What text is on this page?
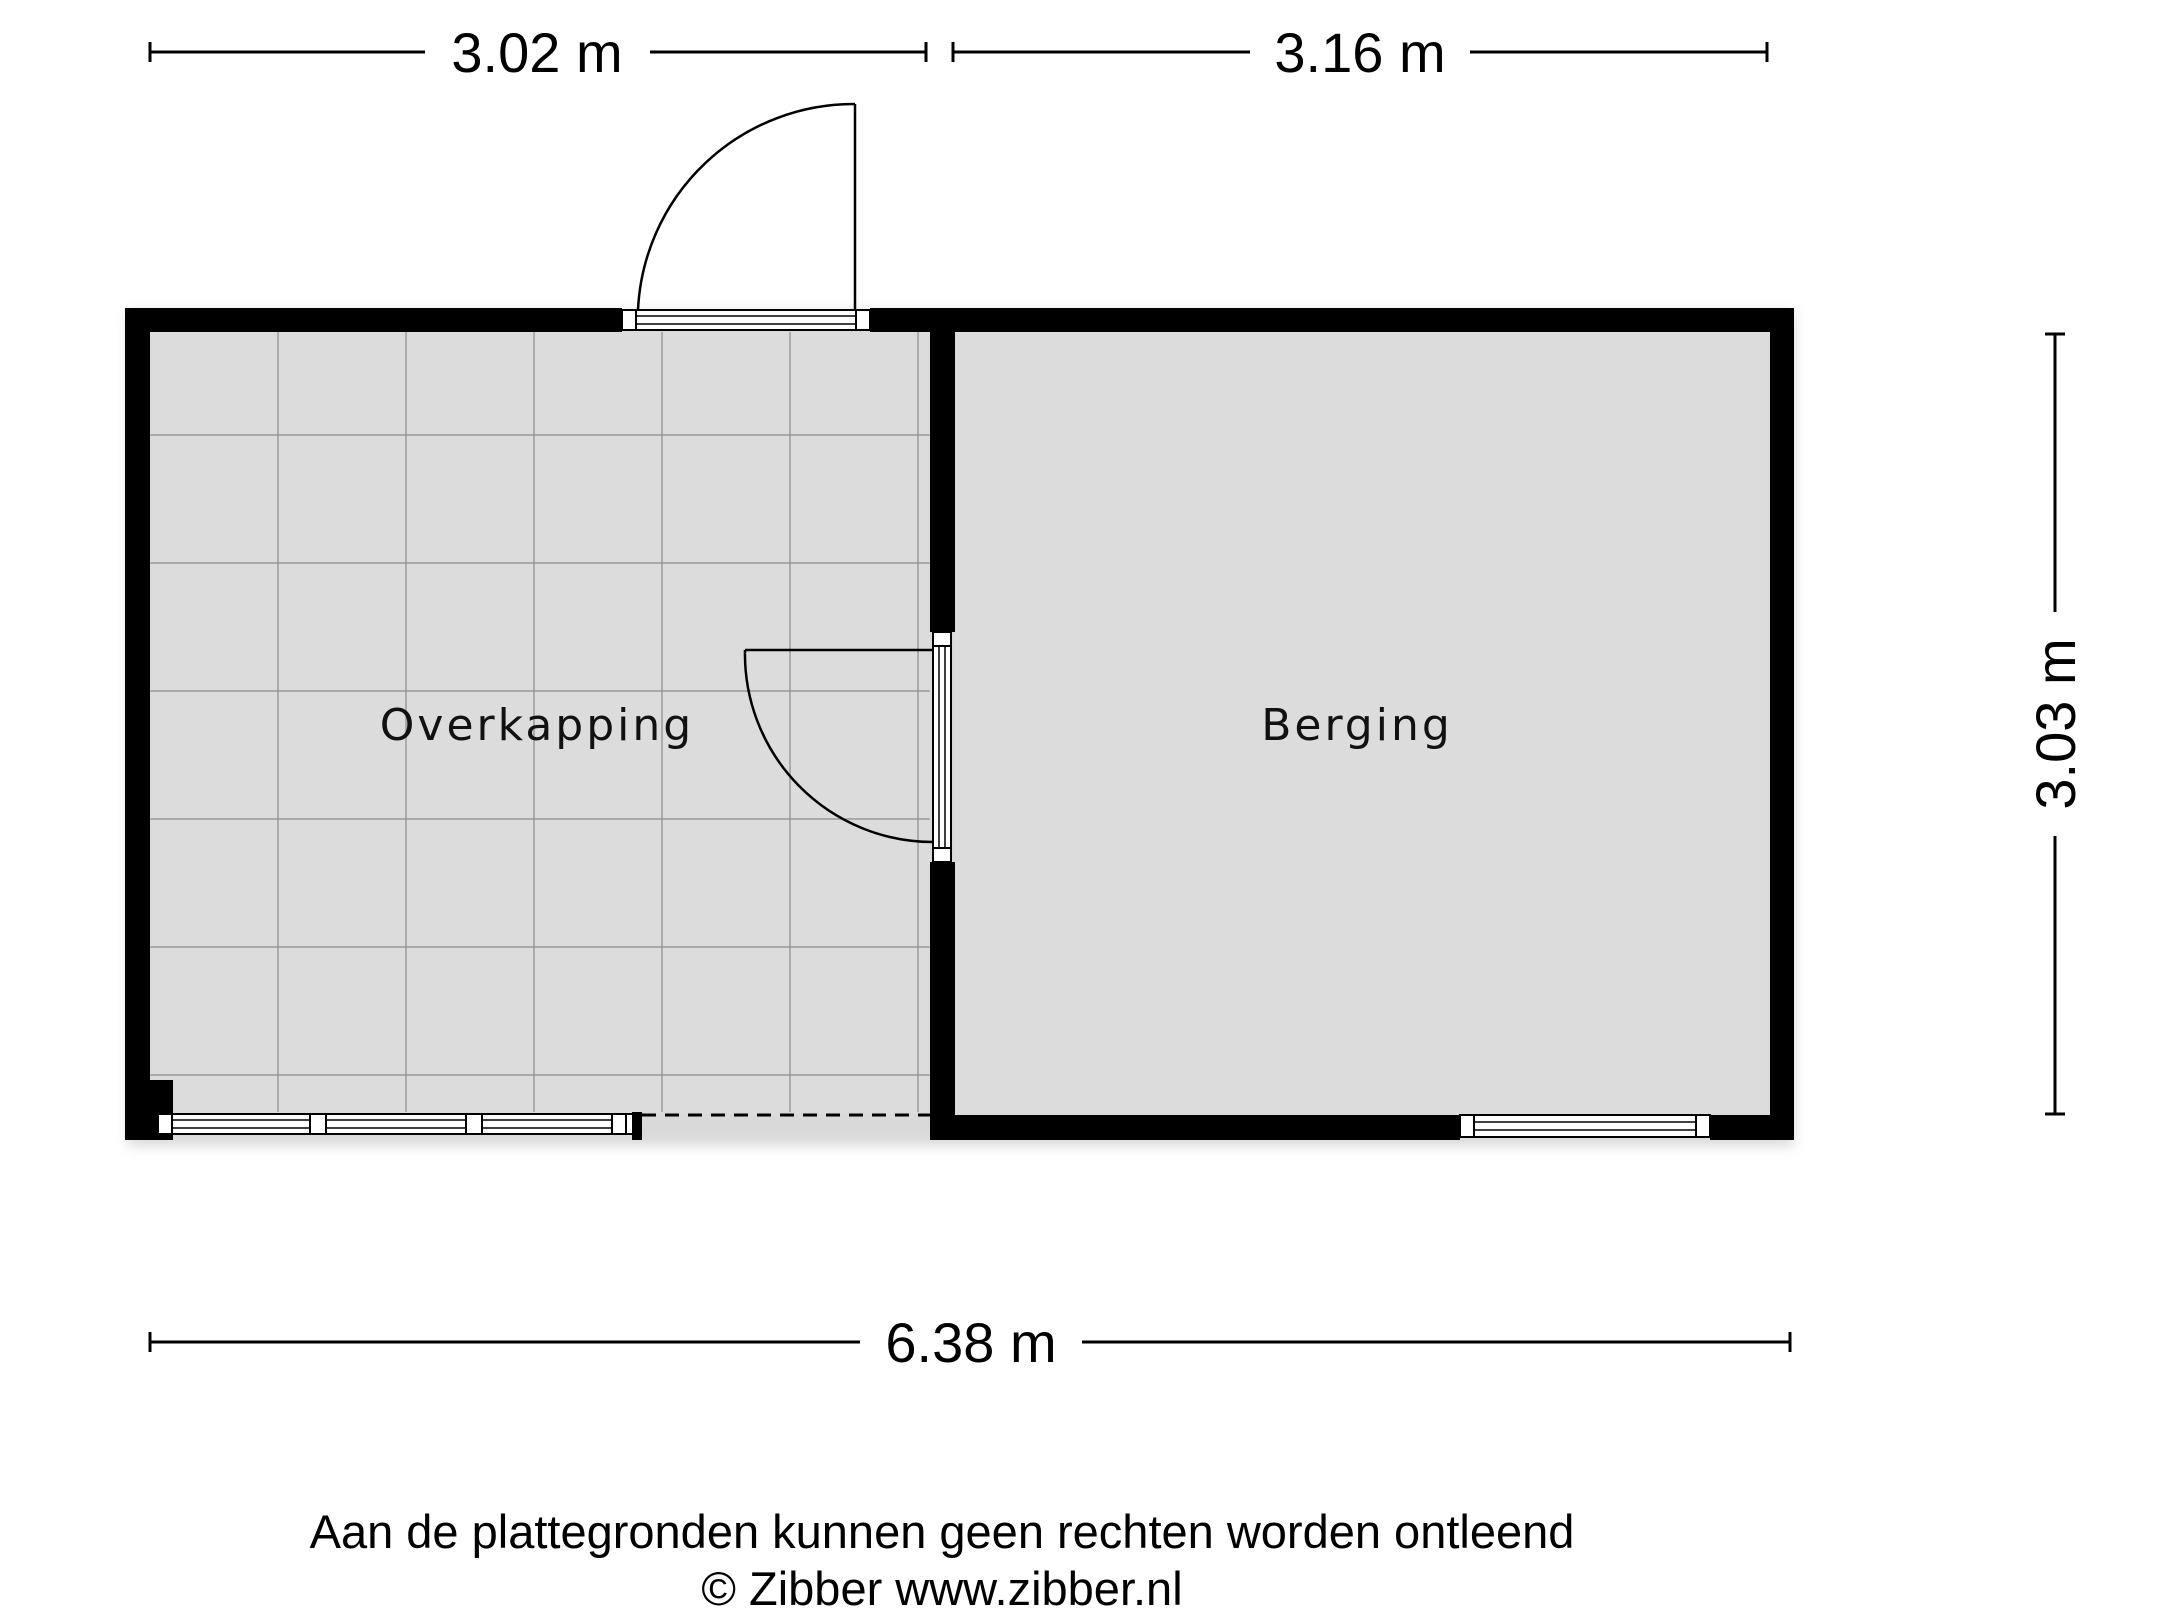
3.02 m	3.16 m
3.03 m
6.38 m
Overkapping	Berging
Aan de plattegronden kunnen geen rechten worden ontleend
© Zibber www.zibber.nl
